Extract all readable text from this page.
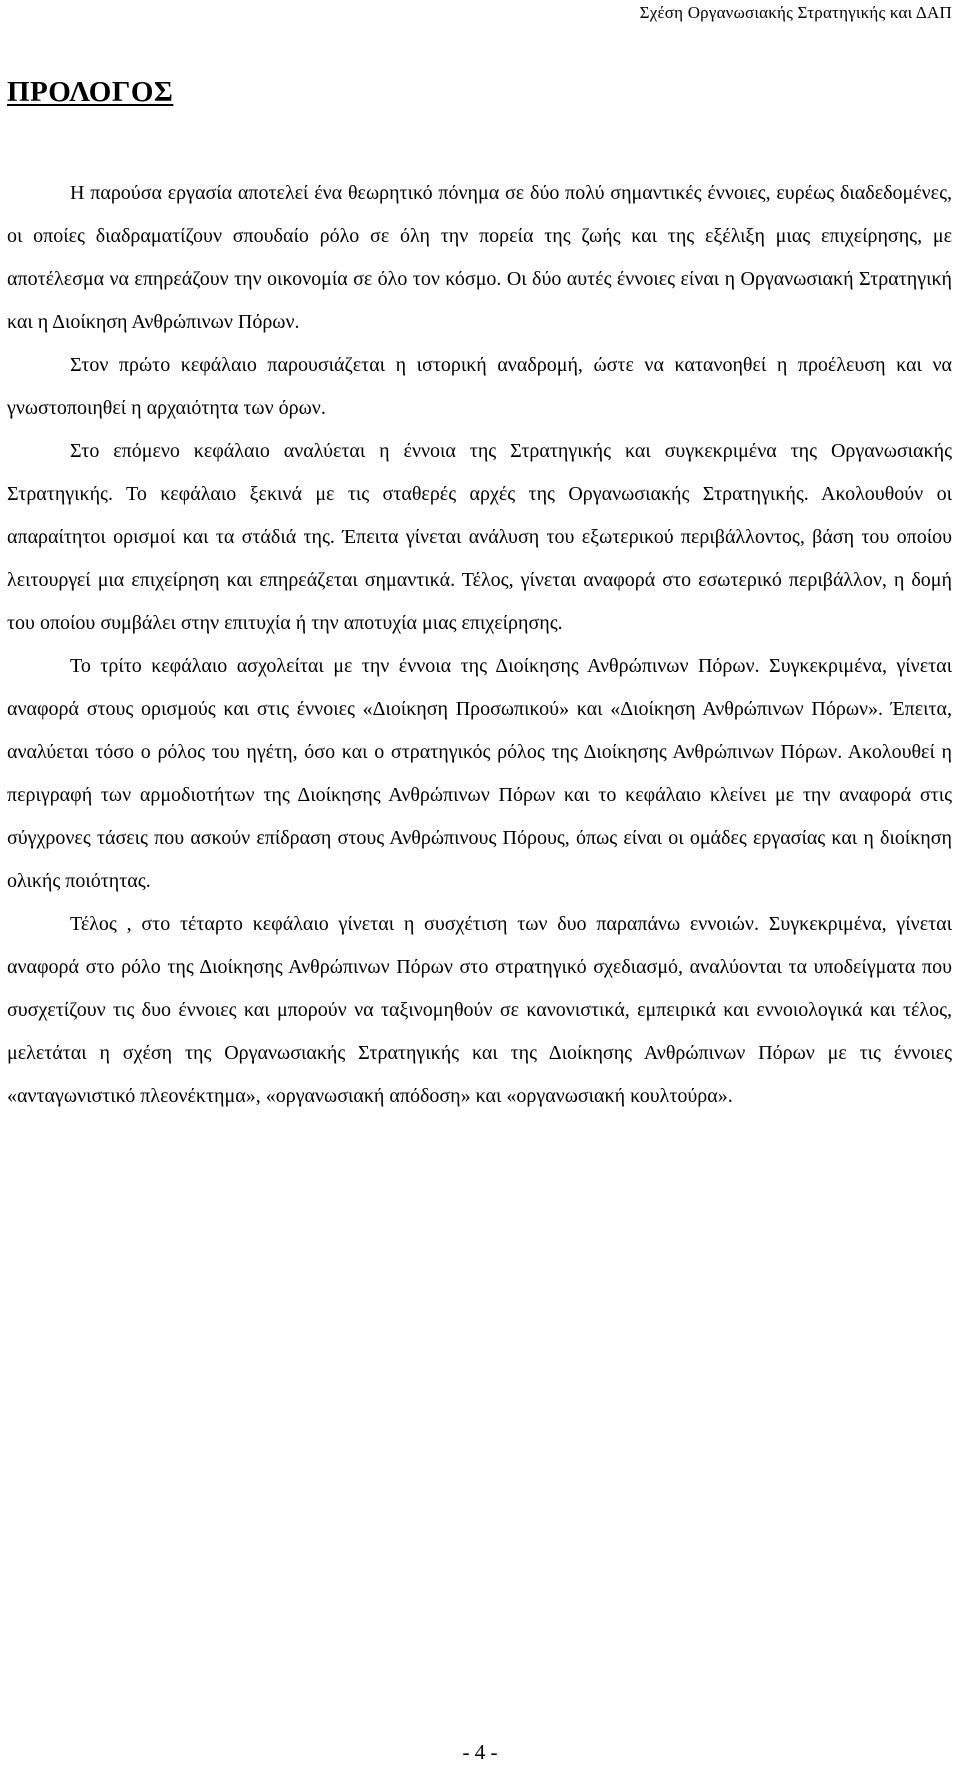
Σχέση Οργανωσιακής Στρατηγικής και ΔΑΠ
ΠΡΟΛΟΓΟΣ

Η παρούσα εργασία αποτελεί ένα θεωρητικό πόνημα σε δύο πολύ σημαντικές έννοιες, ευρέως διαδεδομένες, οι οποίες διαδραματίζουν σπουδαίο ρόλο σε όλη την πορεία της ζωής και της εξέλιξη μιας επιχείρησης, με αποτέλεσμα να επηρεάζουν την οικονομία σε όλο τον κόσμο. Οι δύο αυτές έννοιες είναι η Οργανωσιακή Στρατηγική και η Διοίκηση Ανθρώπινων Πόρων.

Στον πρώτο κεφάλαιο παρουσιάζεται η ιστορική αναδρομή, ώστε να κατανοηθεί η προέλευση και να γνωστοποιηθεί η αρχαιότητα των όρων.

Στο επόμενο κεφάλαιο αναλύεται η έννοια της Στρατηγικής και συγκεκριμένα της Οργανωσιακής Στρατηγικής. Το κεφάλαιο ξεκινά με τις σταθερές αρχές της Οργανωσιακής Στρατηγικής. Ακολουθούν οι απαραίτητοι ορισμοί και τα στάδιά της. Έπειτα γίνεται ανάλυση του εξωτερικού περιβάλλοντος, βάση του οποίου λειτουργεί μια επιχείρηση και επηρεάζεται σημαντικά. Τέλος, γίνεται αναφορά στο εσωτερικό περιβάλλον, η δομή του οποίου συμβάλει στην επιτυχία ή την αποτυχία μιας επιχείρησης.

Το τρίτο κεφάλαιο ασχολείται με την έννοια της Διοίκησης Ανθρώπινων Πόρων. Συγκεκριμένα, γίνεται αναφορά στους ορισμούς και στις έννοιες «Διοίκηση Προσωπικού» και «Διοίκηση Ανθρώπινων Πόρων». Έπειτα, αναλύεται τόσο ο ρόλος του ηγέτη, όσο και ο στρατηγικός ρόλος της Διοίκησης Ανθρώπινων Πόρων. Ακολουθεί η περιγραφή των αρμοδιοτήτων της Διοίκησης Ανθρώπινων Πόρων και το κεφάλαιο κλείνει με την αναφορά στις σύγχρονες τάσεις που ασκούν επίδραση στους Ανθρώπινους Πόρους, όπως είναι οι ομάδες εργασίας και η διοίκηση ολικής ποιότητας.

Τέλος , στο τέταρτο κεφάλαιο γίνεται η συσχέτιση των δυο παραπάνω εννοιών. Συγκεκριμένα, γίνεται αναφορά στο ρόλο της Διοίκησης Ανθρώπινων Πόρων στο στρατηγικό σχεδιασμό, αναλύονται τα υποδείγματα που συσχετίζουν τις δυο έννοιες και μπορούν να ταξινομηθούν σε κανονιστικά, εμπειρικά και εννοιολογικά και τέλος, μελετάται η σχέση της Οργανωσιακής Στρατηγικής και της Διοίκησης Ανθρώπινων Πόρων με τις έννοιες «ανταγωνιστικό πλεονέκτημα», «οργανωσιακή απόδοση» και «οργανωσιακή κουλτούρα».

- 4 -
